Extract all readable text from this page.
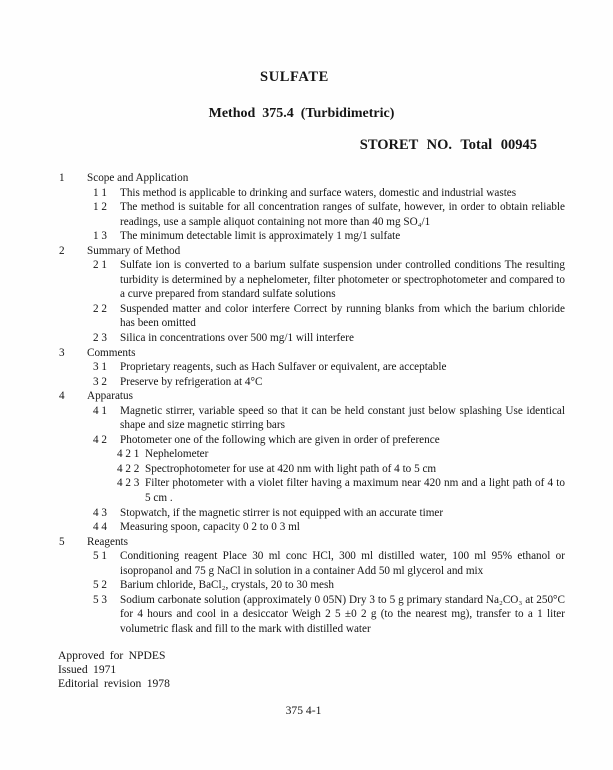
SULFATE
Method 375.4 (Turbidimetric)
STORET NO. Total 00945
1	Scope and Application
1 1	This method is applicable to drinking and surface waters, domestic and industrial wastes
1 2	The method is suitable for all concentration ranges of sulfate, however, in order to obtain reliable readings, use a sample aliquot containing not more than 40 mg SO₄/1
1 3	The minimum detectable limit is approximately 1 mg/1 sulfate
2	Summary of Method
2 1	Sulfate ion is converted to a barium sulfate suspension under controlled conditions The resulting turbidity is determined by a nephelometer, filter photometer or spectrophotometer and compared to a curve prepared from standard sulfate solutions
2 2	Suspended matter and color interfere Correct by running blanks from which the barium chloride has been omitted
2 3	Silica in concentrations over 500 mg/1 will interfere
3	Comments
3 1	Proprietary reagents, such as Hach Sulfaver or equivalent, are acceptable
3 2	Preserve by refrigeration at 4°C
4	Apparatus
4 1	Magnetic stirrer, variable speed so that it can be held constant just below splashing Use identical shape and size magnetic stirring bars
4 2	Photometer one of the following which are given in order of preference
4 2 1 Nephelometer
4 2 2 Spectrophotometer for use at 420 nm with light path of 4 to 5 cm
4 2 3 Filter photometer with a violet filter having a maximum near 420 nm and a light path of 4 to 5 cm .
4 3	Stopwatch, if the magnetic stirrer is not equipped with an accurate timer
4 4	Measuring spoon, capacity 0 2 to 0 3 ml
5	Reagents
5 1	Conditioning reagent Place 30 ml conc HCl, 300 ml distilled water, 100 ml 95% ethanol or isopropanol and 75 g NaCl in solution in a container Add 50 ml glycerol and mix
5 2	Barium chloride, BaCl₂, crystals, 20 to 30 mesh
5 3	Sodium carbonate solution (approximately 0 05N) Dry 3 to 5 g primary standard Na₂CO₃ at 250°C for 4 hours and cool in a desiccator Weigh 2 5 ±0 2 g (to the nearest mg), transfer to a 1 liter volumetric flask and fill to the mark with distilled water
Approved for NPDES
Issued 1971
Editorial revision 1978
375 4-1
